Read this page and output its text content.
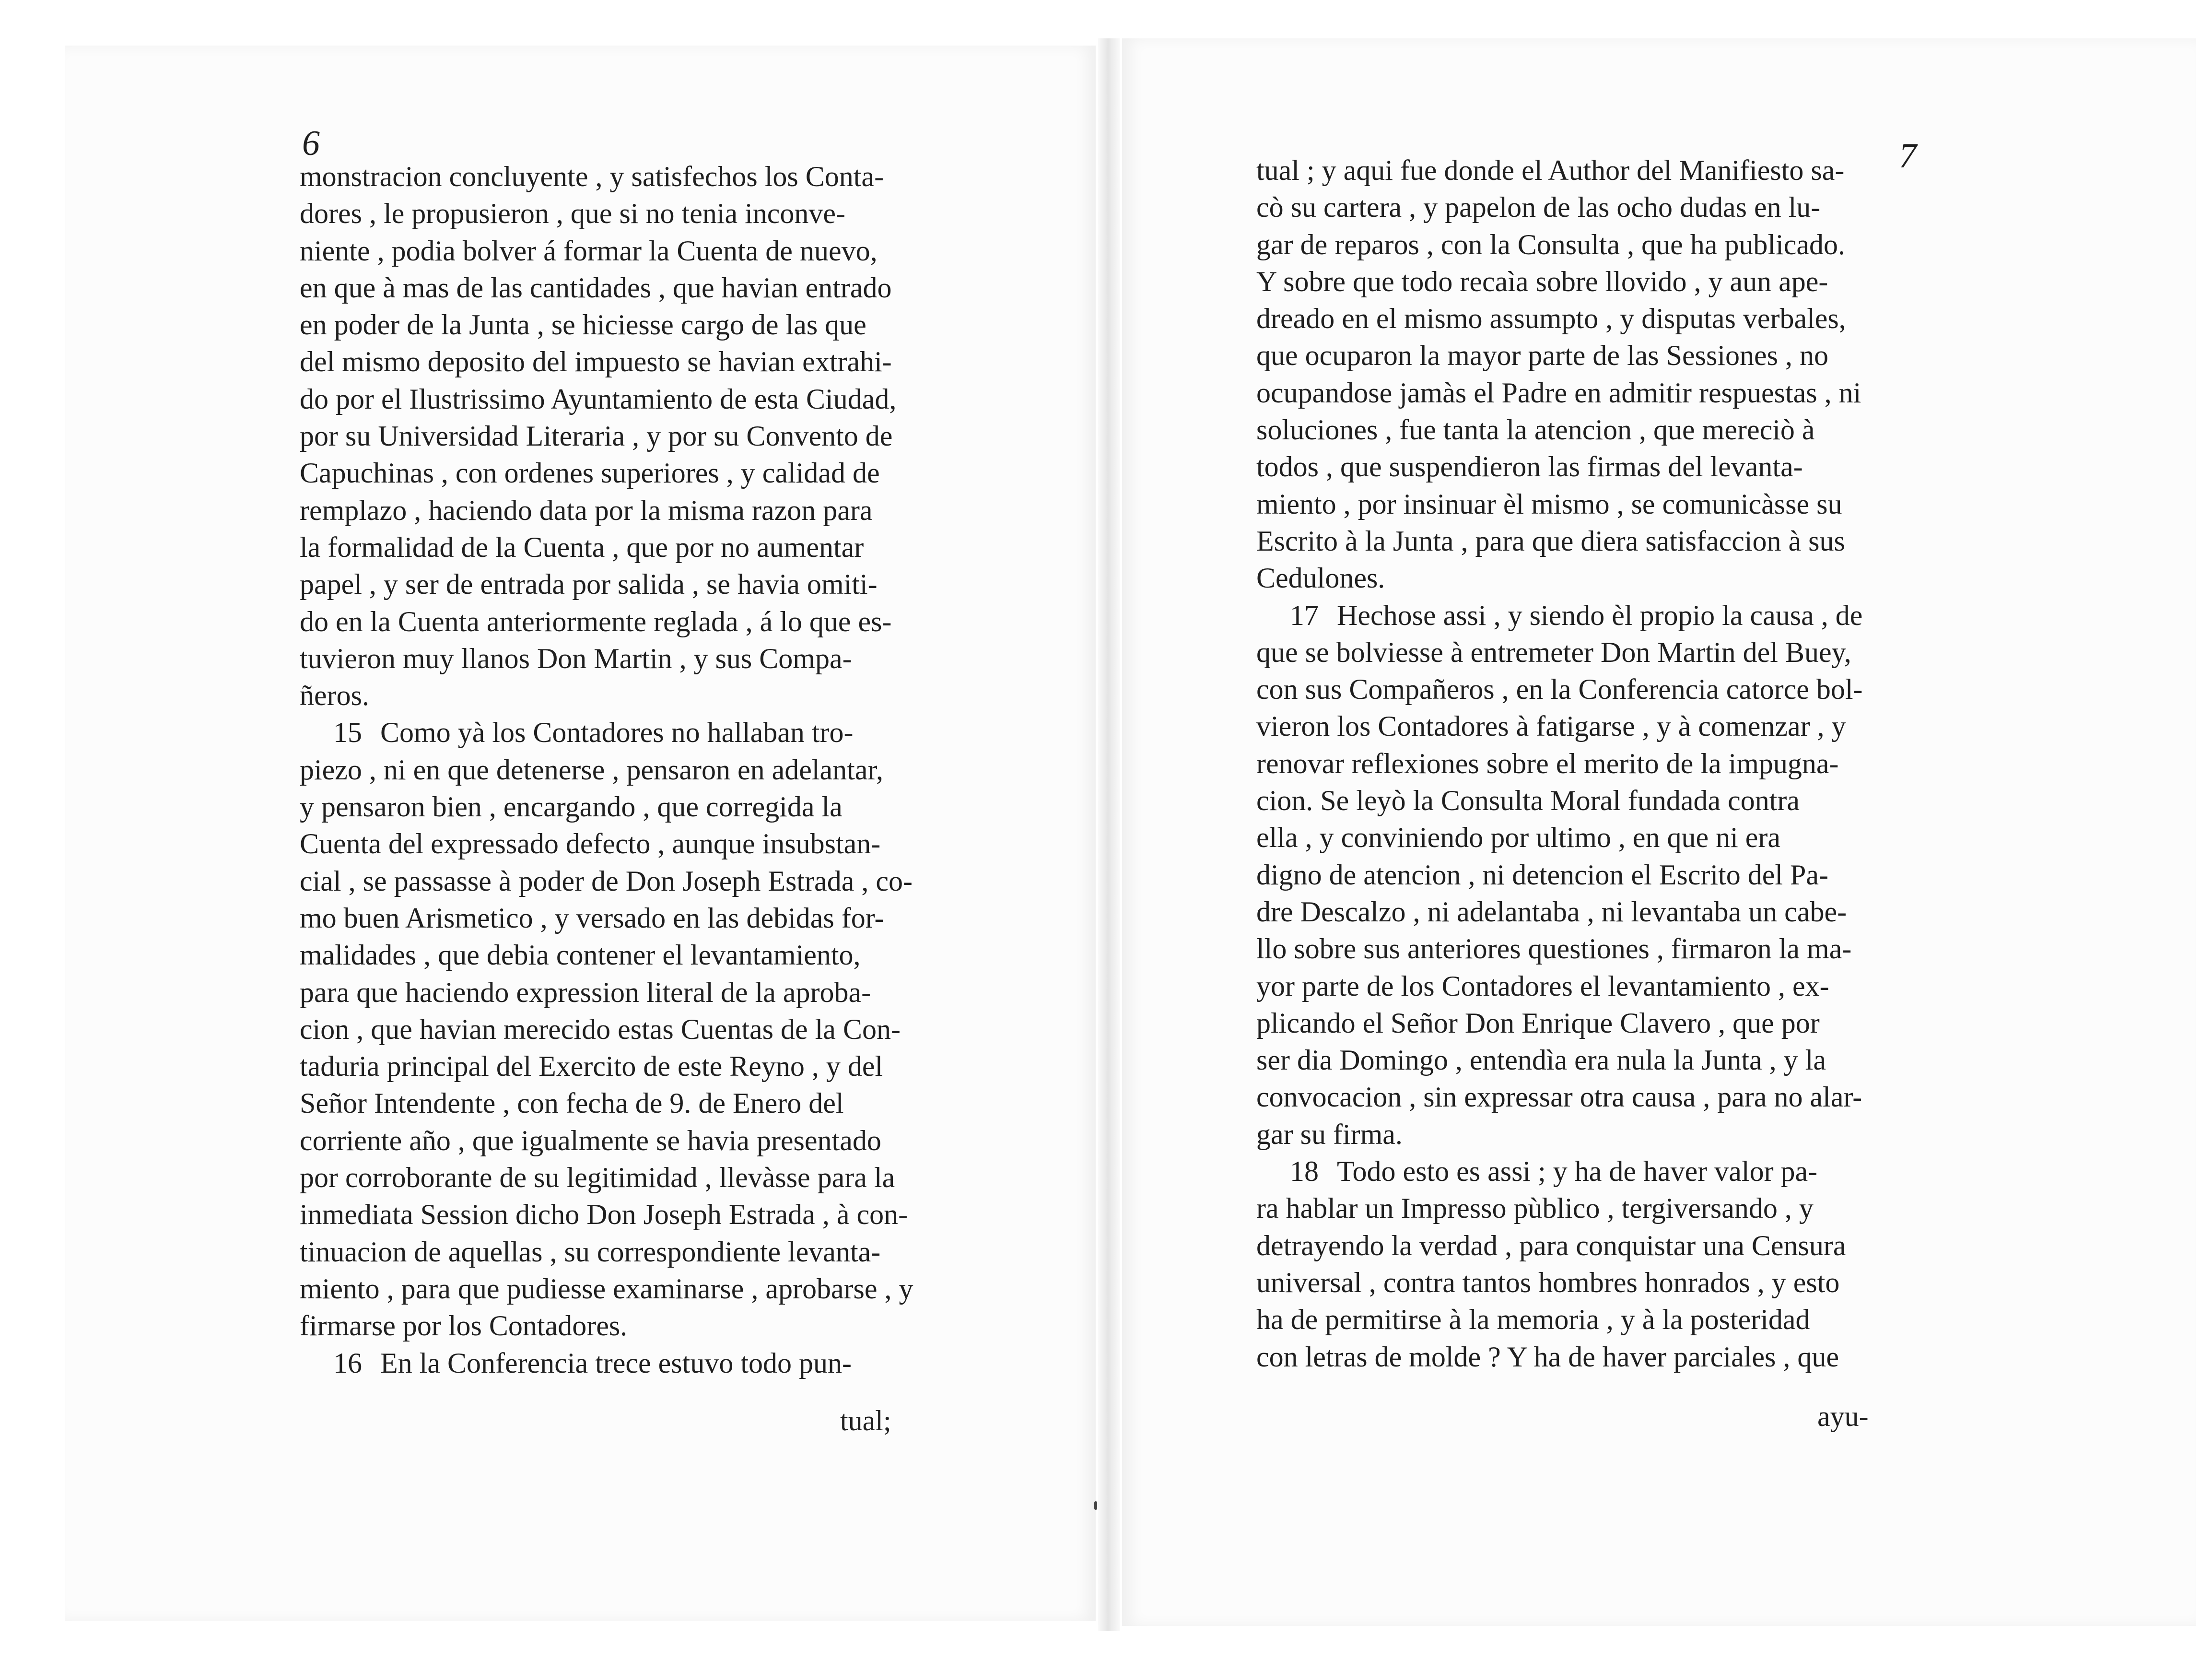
6
monstracion concluyente , y satisfechos los Conta-
dores , le propusieron , que si no tenia inconve-
niente , podia bolver á formar la Cuenta de nuevo,
en que à mas de las cantidades , que havian entrado
en poder de la Junta , se hiciesse cargo de las que
del mismo deposito del impuesto se havian extrahi-
do por el Ilustrissimo Ayuntamiento de esta Ciudad,
por su Universidad Literaria , y por su Convento de
Capuchinas , con ordenes superiores , y calidad de
remplazo , haciendo data por la misma razon para
la formalidad de la Cuenta , que por no aumentar
papel , y ser de entrada por salida , se havia omiti-
do en la Cuenta anteriormente reglada , á lo que es-
tuvieron muy llanos Don Martin , y sus Compa-
ñeros.
15 Como yà los Contadores no hallaban tro-
piezo , ni en que detenerse , pensaron en adelantar,
y pensaron bien , encargando , que corregida la
Cuenta del expressado defecto , aunque insubstan-
cial , se passasse à poder de Don Joseph Estrada , co-
mo buen Arismetico , y versado en las debidas for-
malidades , que debia contener el levantamiento,
para que haciendo expression literal de la aproba-
cion , que havian merecido estas Cuentas de la Con-
taduria principal del Exercito de este Reyno , y del
Señor Intendente , con fecha de 9. de Enero del
corriente año , que igualmente se havia presentado
por corroborante de su legitimidad , llevàsse para la
inmediata Session dicho Don Joseph Estrada , à con-
tinuacion de aquellas , su correspondiente levanta-
miento , para que pudiesse examinarse , aprobarse , y
firmarse por los Contadores.
16 En la Conferencia trece estuvo todo pun-
tual;
7
tual ; y aqui fue donde el Author del Manifiesto sa-
cò su cartera , y papelon de las ocho dudas en lu-
gar de reparos , con la Consulta , que ha publicado.
Y sobre que todo recaìa sobre llovido , y aun ape-
dreado en el mismo assumpto , y disputas verbales,
que ocuparon la mayor parte de las Sessiones , no
ocupandose jamàs el Padre en admitir respuestas , ni
soluciones , fue tanta la atencion , que mereciò à
todos , que suspendieron las firmas del levanta-
miento , por insinuar èl mismo , se comunicàsse su
Escrito à la Junta , para que diera satisfaccion à sus
Cedulones.
17 Hechose assi , y siendo èl propio la causa , de
que se bolviesse à entremeter Don Martin del Buey,
con sus Compañeros , en la Conferencia catorce bol-
vieron los Contadores à fatigarse , y à comenzar , y
renovar reflexiones sobre el merito de la impugna-
cion. Se leyò la Consulta Moral fundada contra
ella , y conviniendo por ultimo , en que ni era
digno de atencion , ni detencion el Escrito del Pa-
dre Descalzo , ni adelantaba , ni levantaba un cabe-
llo sobre sus anteriores questiones , firmaron la ma-
yor parte de los Contadores el levantamiento , ex-
plicando el Señor Don Enrique Clavero , que por
ser dia Domingo , entendìa era nula la Junta , y la
convocacion , sin expressar otra causa , para no alar-
gar su firma.
18 Todo esto es assi ; y ha de haver valor pa-
ra hablar un Impresso pùblico , tergiversando , y
detrayendo la verdad , para conquistar una Censura
universal , contra tantos hombres honrados , y esto
ha de permitirse à la memoria , y à la posteridad
con letras de molde ? Y ha de haver parciales , que
ayu-
